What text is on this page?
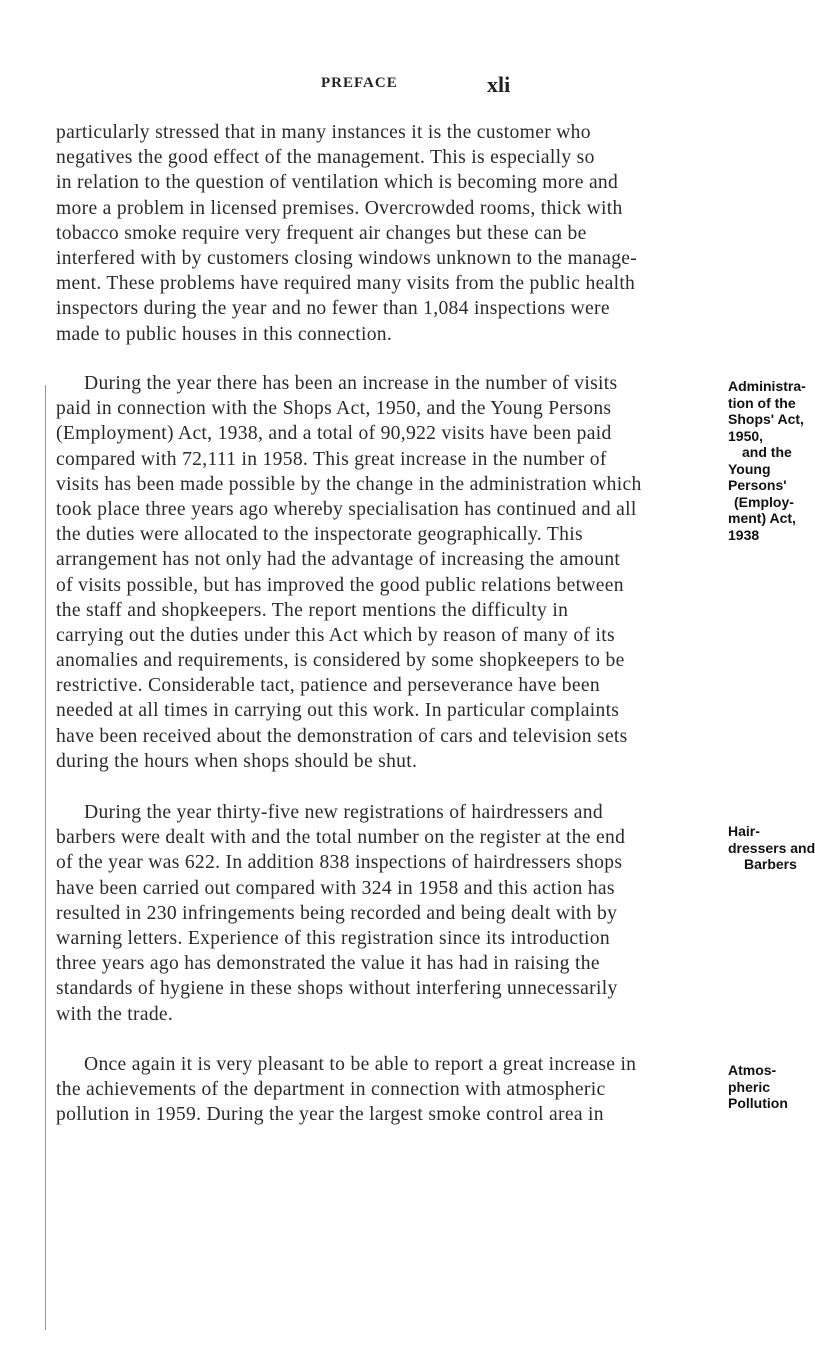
PREFACE	xli
particularly stressed that in many instances it is the customer who
negatives the good effect of the management. This is especially so
in relation to the question of ventilation which is becoming more and
more a problem in licensed premises. Overcrowded rooms, thick with
tobacco smoke require very frequent air changes but these can be
interfered with by customers closing windows unknown to the manage-
ment. These problems have required many visits from the public health
inspectors during the year and no fewer than 1,084 inspections were
made to public houses in this connection.
During the year there has been an increase in the number of visits
paid in connection with the Shops Act, 1950, and the Young Persons
(Employment) Act, 1938, and a total of 90,922 visits have been paid
compared with 72,111 in 1958. This great increase in the number of
visits has been made possible by the change in the administration which
took place three years ago whereby specialisation has continued and all
the duties were allocated to the inspectorate geographically. This
arrangement has not only had the advantage of increasing the amount
of visits possible, but has improved the good public relations between
the staff and shopkeepers. The report mentions the difficulty in
carrying out the duties under this Act which by reason of many of its
anomalies and requirements, is considered by some shopkeepers to be
restrictive. Considerable tact, patience and perseverance have been
needed at all times in carrying out this work. In particular complaints
have been received about the demonstration of cars and television sets
during the hours when shops should be shut.
During the year thirty-five new registrations of hairdressers and
barbers were dealt with and the total number on the register at the end
of the year was 622. In addition 838 inspections of hairdressers shops
have been carried out compared with 324 in 1958 and this action has
resulted in 230 infringements being recorded and being dealt with by
warning letters. Experience of this registration since its introduction
three years ago has demonstrated the value it has had in raising the
standards of hygiene in these shops without interfering unnecessarily
with the trade.
Once again it is very pleasant to be able to report a great increase in
the achievements of the department in connection with atmospheric
pollution in 1959. During the year the largest smoke control area in
Administra-
tion of the
Shops' Act,
1950,
and the
Young
Persons'
(Employ-
ment) Act,
1938
Hair-
dressers and
Barbers
Atmos-
pheric
Pollution
